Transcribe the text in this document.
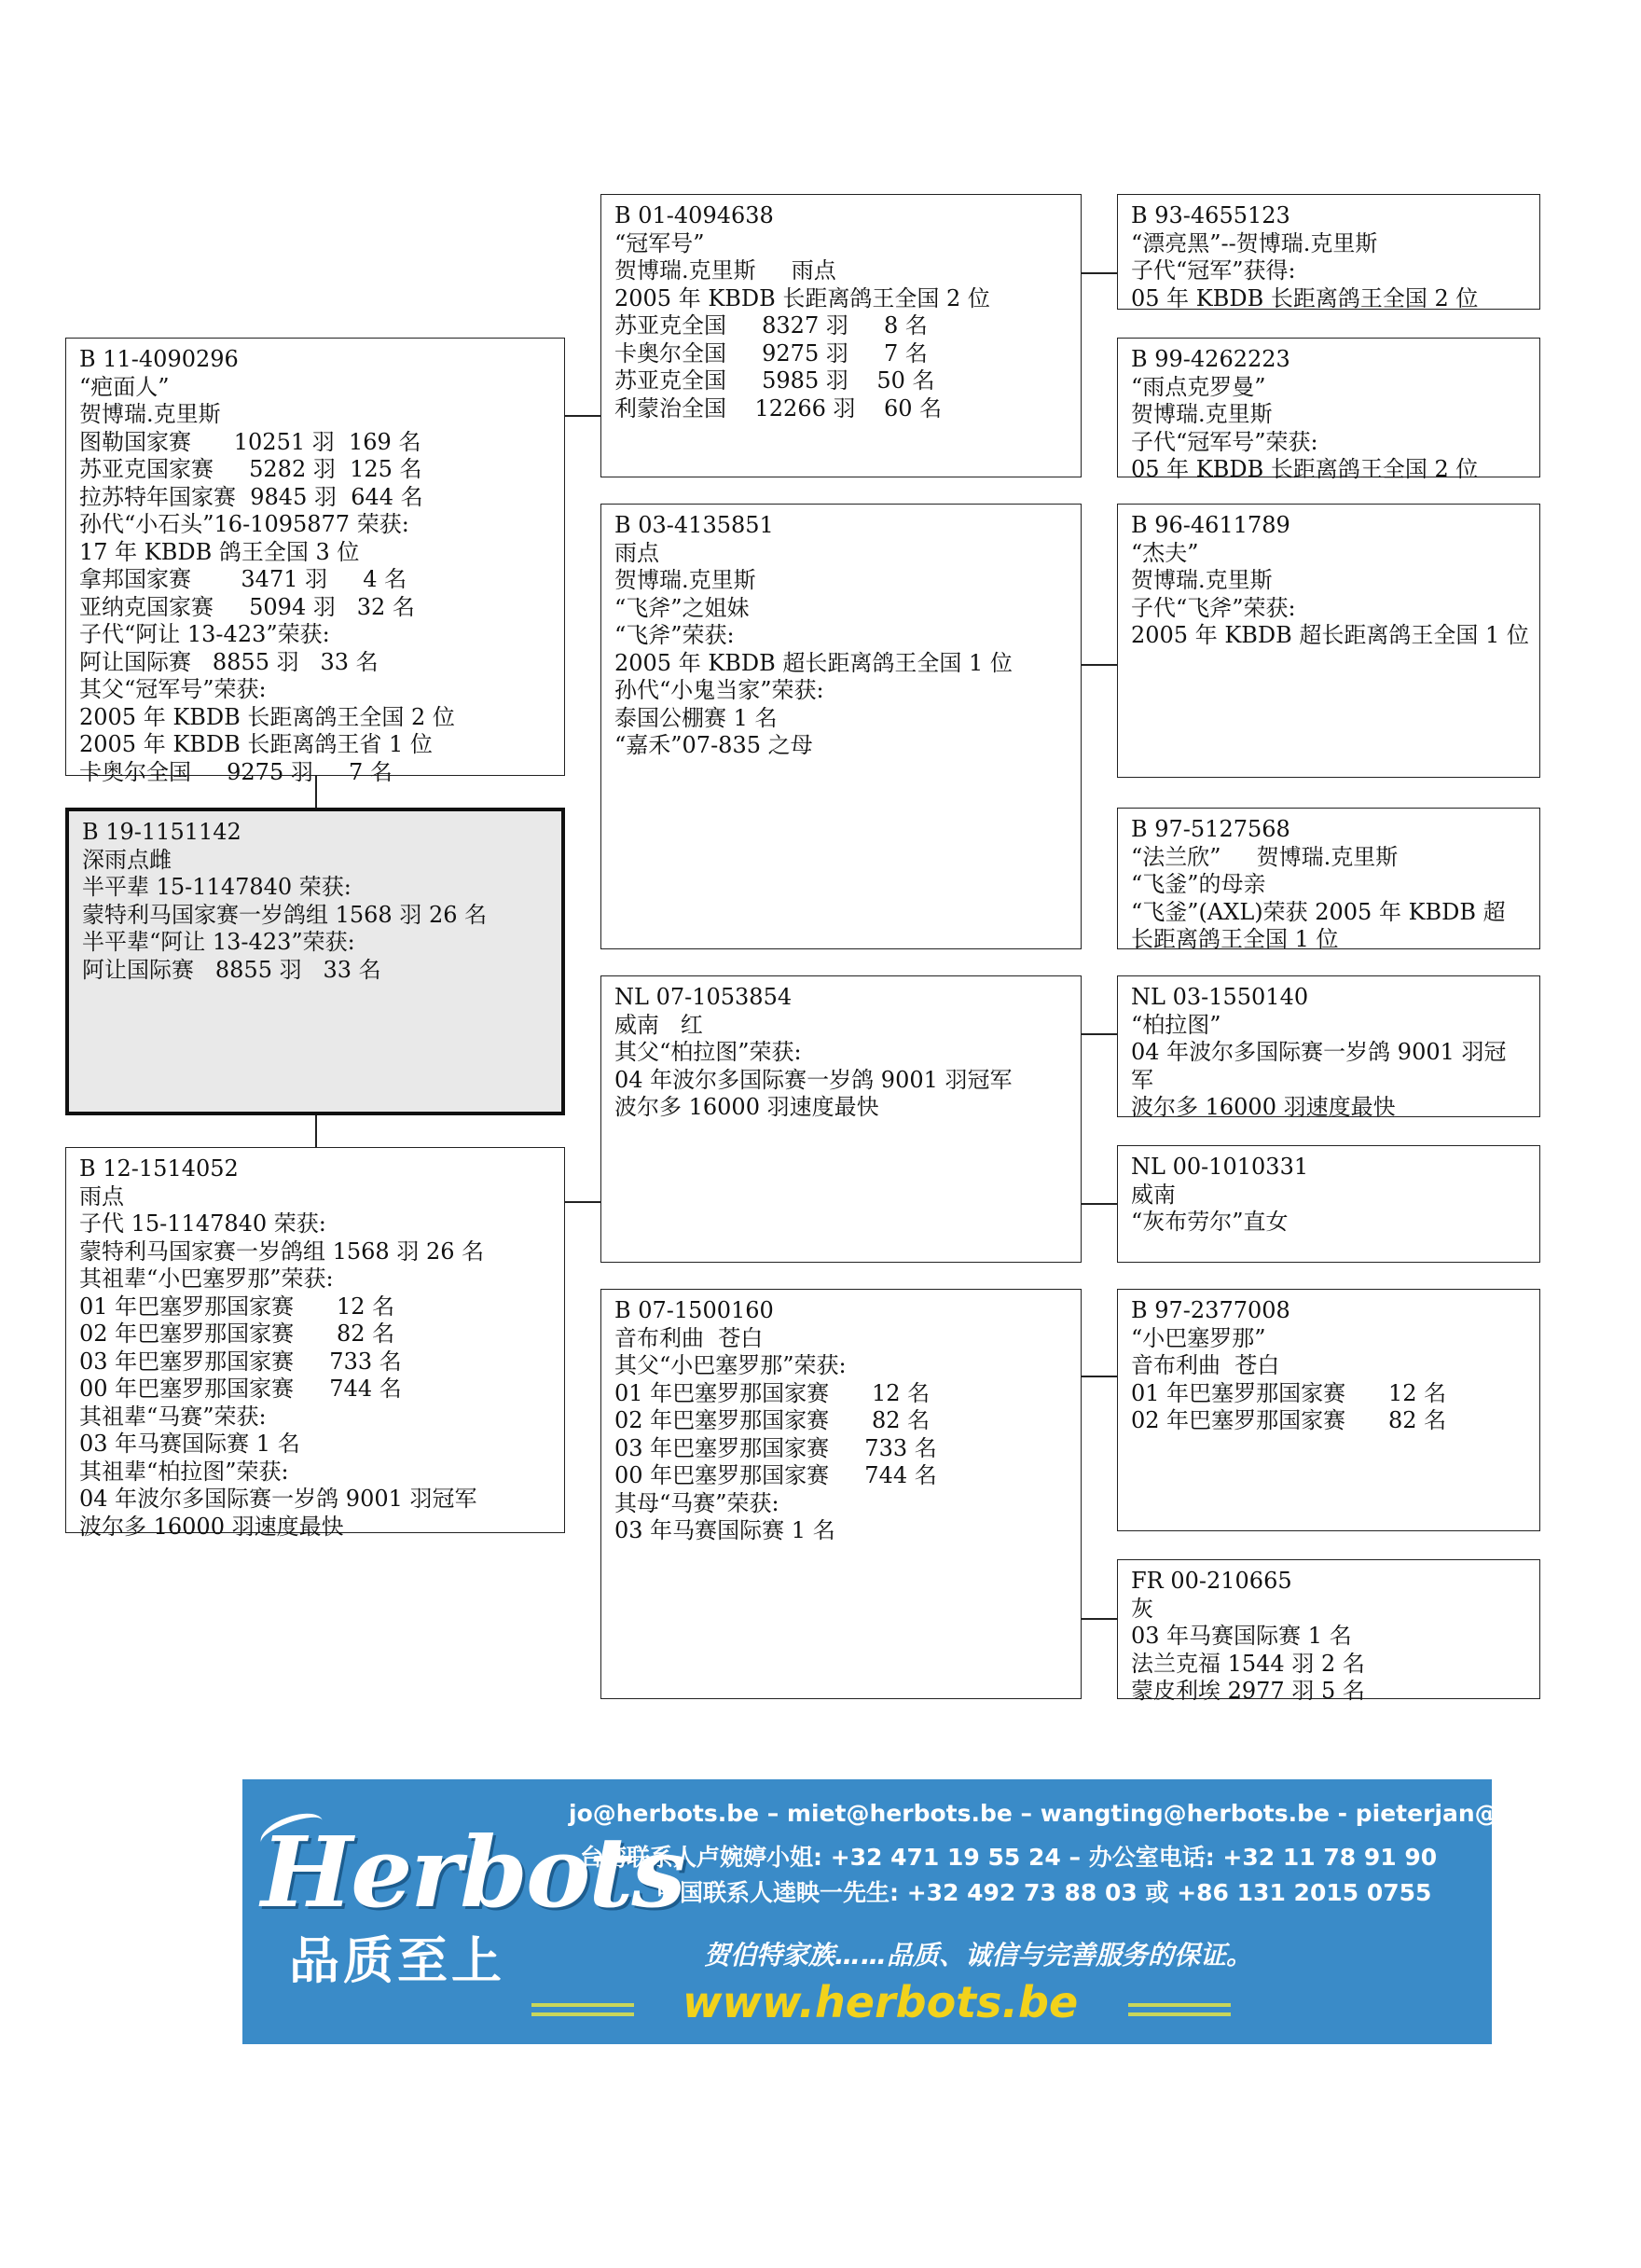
B 11-4090296
“疤面人”
贺博瑞.克里斯
图勒国家赛      10251 羽  169 名
苏亚克国家赛     5282 羽  125 名
拉苏特年国家赛  9845 羽  644 名
孙代“小石头”16-1095877 荣获:
17 年 KBDB 鸽王全国 3 位
拿邦国家赛       3471 羽     4 名
亚纳克国家赛     5094 羽   32 名
子代“阿让 13-423”荣获:
阿让国际赛   8855 羽   33 名
其父“冠军号”荣获:
2005 年 KBDB 长距离鸽王全国 2 位
2005 年 KBDB 长距离鸽王省 1 位
卡奥尔全国     9275 羽     7 名
B 19-1151142
深雨点雌
半平辈 15-1147840 荣获:
蒙特利马国家赛一岁鸽组 1568 羽 26 名
半平辈“阿让 13-423”荣获:
阿让国际赛   8855 羽   33 名
B 12-1514052
雨点
子代 15-1147840 荣获:
蒙特利马国家赛一岁鸽组 1568 羽 26 名
其祖辈“小巴塞罗那”荣获:
01 年巴塞罗那国家赛      12 名
02 年巴塞罗那国家赛      82 名
03 年巴塞罗那国家赛     733 名
00 年巴塞罗那国家赛     744 名
其祖辈“马赛”荣获:
03 年马赛国际赛 1 名
其祖辈“柏拉图”荣获:
04 年波尔多国际赛一岁鸽 9001 羽冠军
波尔多 16000 羽速度最快
B 01-4094638
“冠军号”
贺博瑞.克里斯     雨点
2005 年 KBDB 长距离鸽王全国 2 位
苏亚克全国     8327 羽     8 名
卡奥尔全国     9275 羽     7 名
苏亚克全国     5985 羽    50 名
利蒙治全国    12266 羽    60 名
B 03-4135851
雨点
贺博瑞.克里斯
“飞斧”之姐妹
“飞斧”荣获:
2005 年 KBDB 超长距离鸽王全国 1 位
孙代“小鬼当家”荣获:
泰国公棚赛 1 名
“嘉禾”07-835 之母
NL 07-1053854
威南   红
其父“柏拉图”荣获:
04 年波尔多国际赛一岁鸽 9001 羽冠军
波尔多 16000 羽速度最快
B 07-1500160
音布利曲  苍白
其父“小巴塞罗那”荣获:
01 年巴塞罗那国家赛      12 名
02 年巴塞罗那国家赛      82 名
03 年巴塞罗那国家赛     733 名
00 年巴塞罗那国家赛     744 名
其母“马赛”荣获:
03 年马赛国际赛 1 名
B 93-4655123
“漂亮黑”--贺博瑞.克里斯
子代“冠军”获得:
05 年 KBDB 长距离鸽王全国 2 位
B 99-4262223
“雨点克罗曼”
贺博瑞.克里斯
子代“冠军号”荣获:
05 年 KBDB 长距离鸽王全国 2 位
B 96-4611789
“杰夫”
贺博瑞.克里斯
子代“飞斧”荣获:
2005 年 KBDB 超长距离鸽王全国 1 位
B 97-5127568
“法兰欣”     贺博瑞.克里斯
“飞釜”的母亲
“飞釜”(AXL)荣获 2005 年 KBDB 超
长距离鸽王全国 1 位
NL 03-1550140
“柏拉图”
04 年波尔多国际赛一岁鸽 9001 羽冠
军
波尔多 16000 羽速度最快
NL 00-1010331
威南
“灰布劳尔”直女
B 97-2377008
“小巴塞罗那”
音布利曲  苍白
01 年巴塞罗那国家赛      12 名
02 年巴塞罗那国家赛      82 名
FR 00-210665
灰
03 年马赛国际赛 1 名
法兰克福 1544 羽 2 名
蒙皮利埃 2977 羽 5 名
Herbots
品质至上
jo@herbots.be – miet@herbots.be – wangting@herbots.be - pieterjan@herbots.be
台湾联系人卢婉婷小姐: +32 471 19 55 24 – 办公室电话: +32 11 78 91 90
中国联系人逵眏一先生: +32 492 73 88 03 或 +86 131 2015 0755
贺伯特家族……品质、诚信与完善服务的保证。
www.herbots.be
